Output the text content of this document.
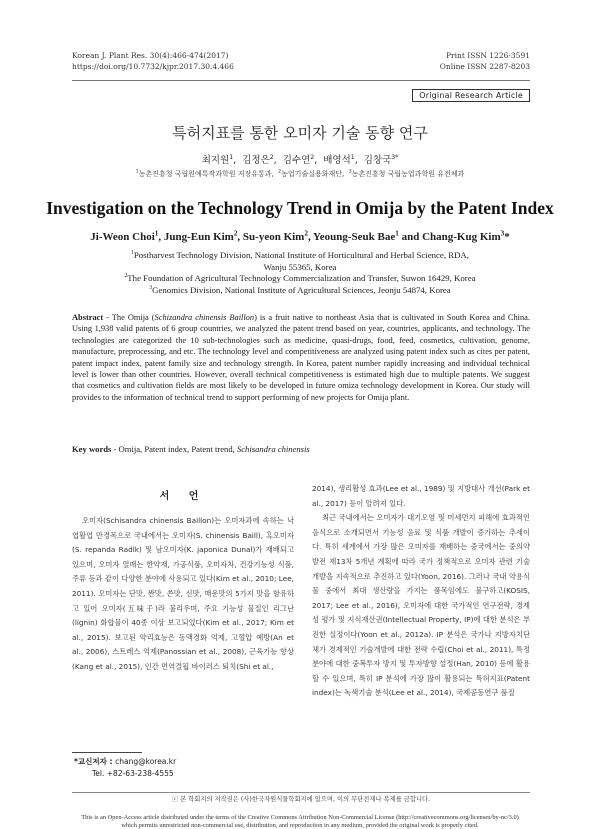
Korean J. Plant Res. 30(4):466-474(2017)
https://doi.org/10.7732/kjpr.2017.30.4.466
Print ISSN 1226-3591
Online ISSN 2287-8203
Original Research Article
특허지표를 통한 오미자 기술 동향 연구
최지원$^1$,  김정은$^2$,  김수연$^2$,  배영석$^1$,  김창국$^{3*}$
$^1$농촌진흥청 국립원예특작과학원 저장유통과, $^2$농업기술실용화재단, $^3$농촌진흥청 국립농업과학원 유전체과
Investigation on the Technology Trend in Omija by the Patent Index
Ji-Weon Choi$^1$, Jung-Eun Kim$^2$, Su-yeon Kim$^2$, Yeoung-Seuk Bae$^1$ and Chang-Kug Kim$^3$*
$^1$Postharvest Technology Division, National Institute of Horticultural and Herbal Science, RDA,
Wanju 55365, Korea
$^2$The Foundation of Agricultural Technology Commercialization and Transfer, Suwon 16429, Korea
$^3$Genomics Division, National Institute of Agricultural Sciences, Jeonju 54874, Korea
Abstract - The Omija (Schizandra chinensis Baillon) is a fruit native to northeast Asia that is cultivated in South Korea and China. Using 1,938 valid patents of 6 group countries, we analyzed the patent trend based on year, countries, applicants, and technology. The technologies are categorized the 10 sub-technologies such as medicine, quasi-drugs, food, feed, cosmetics, cultivation, genome, manufacture, preprocessing, and etc. The technology level and competitiveness are analyzed using patent index such as cites per patent, patent impact index, patent family size and technology strength. In Korea, patent number rapidly increasing and individual technical level is lower than other countries. However, overall technical competitiveness is estimated high due to multiple patents. We suggest that cosmetics and cultivation fields are most likely to be developed in future omiza technology development in Korea. Our study will provides to the information of technical trend to support performing of new projects for Omija plant.
Key words - Omija, Patent index, Patent trend, Schisandra chinensis
서 언
오미자(Schisandra chinensis Baillon)는 오미자과에 속하는 낙엽활엽 만경목으로 국내에서는 오미자(S. chinensis Baill), 흑오미자(S. repanda Radlk) 및 남오미자(K. japonica Dunal)가 재배되고 있으며, 오미자 열매는 한약재, 가공식품, 오미자차, 건강기능성 식품, 주류 등과 같이 다양한 분야에 사용되고 있다(Kim et al., 2010; Lee, 2011). 오미자는 단맛, 짠맛, 쓴맛, 신맛, 매운맛의 5가지 맛을 함유하고 있어 오미자(五味子)라 불리우며, 주요 기능성 물질인 리그난(lignin) 화합물이 40종 이상 보고되었다(Kim et al., 2017; Kim et al., 2015). 보고된 약리효능은 동맥경화 억제, 고혈압 예방(An et al., 2006), 스트레스 억제(Panossian et al., 2008), 근육기능 향상(Kang et al., 2015), 인간 면역결핍 바이러스 퇴치(Shi et al.,
2014), 생리활성 효과(Lee et al., 1989) 및 지방대사 개선(Park et al., 2017) 등이 알려져 있다.

최근 국내에서는 오미자가 대기오염 및 미세먼지 피해에 효과적인 음식으로 소개되면서 기능성 음료 및 식품 개발이 증가하는 추세이다. 특히 세계에서 가장 많은 오미자를 재배하는 중국에서는 중의약발전 제13차 5개년 계획에 따라 국가 정책적으로 오미자 관련 기술개발을 지속적으로 추진하고 있다(Yoon, 2016). 그러나 국내 약용식물 중에서 최대 생산량을 가지는 품목임에도 불구하고(KOSIS, 2017; Lee et al., 2016), 오미자에 대한 국가적인 연구전략, 경제성 평가 및 지식재산권(Intellectual Property, IP)에 대한 분석은 부진한 실정이다(Yoon et al., 2012a). IP 분석은 국가나 지방자치단체가 경제적인 기술개발에 대한 전략 수립(Choi et al., 2011), 특정분야에 대한 중복투자 방지 및 투자방향 설정(Han, 2010) 등에 활용할 수 있으며, 특히 IP 분석에 가장 많이 활용되는 특허지표(Patent index)는 녹색기술 분석(Lee et al., 2014), 국제공동연구 품질

*교신저자 : chang@korea.kr
Tel. +82-63-238-4555
ⓒ 본 학회지의 저작권은 (사)한국자원식물학회지에 있으며, 이의 무단전재나 복제를 금합니다.
This is an Open-Access article distributed under the terms of the Creative Commons Attribution Non-Commercial License (http://creativecommons.org/licenses/by-nc/3.0)
which permits unrestricted non-commercial use, distribution, and reproduction in any medium, provided the original work is properly cited.
